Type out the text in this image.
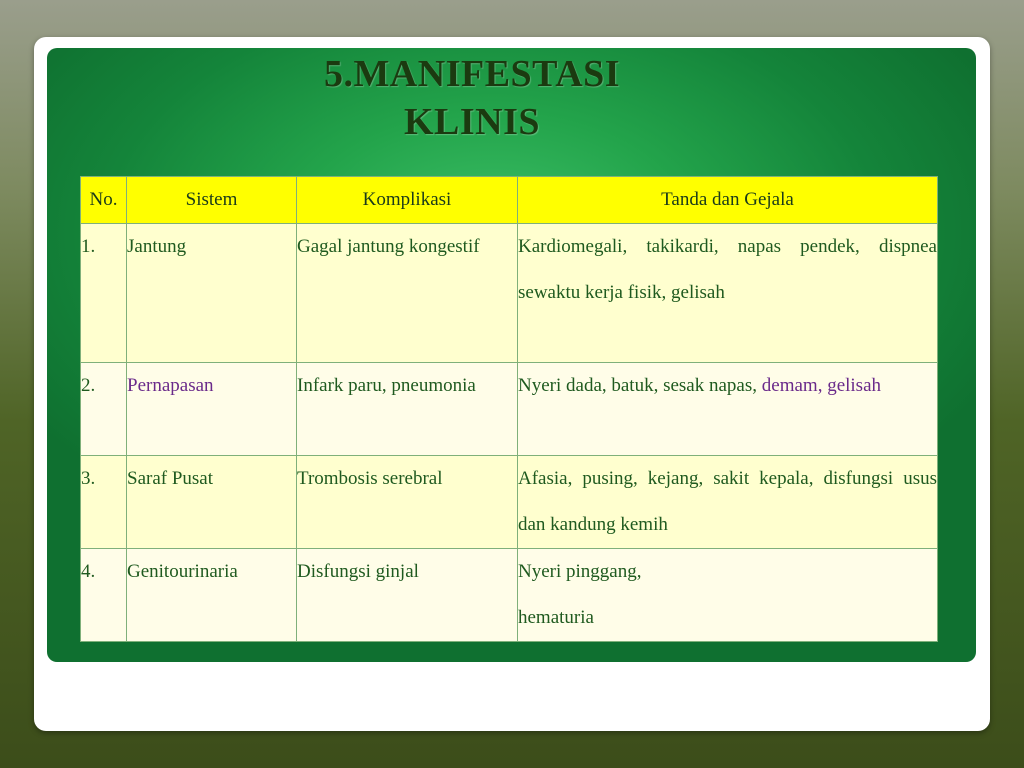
5.MANIFESTASI
KLINIS
No.	Sistem	Komplikasi	Tanda dan Gejala
1.	Jantung	Gagal jantung kongestif	Kardiomegali, takikardi, napas pendek, dispnea sewaktu kerja fisik, gelisah
2.	Pernapasan	Infark paru, pneumonia	Nyeri dada, batuk, sesak napas, demam, gelisah
3.	Saraf Pusat	Trombosis serebral	Afasia, pusing, kejang, sakit kepala, disfungsi usus dan kandung kemih
4.	Genitourinaria	Disfungsi ginjal	Nyeri pinggang,
hematuria
